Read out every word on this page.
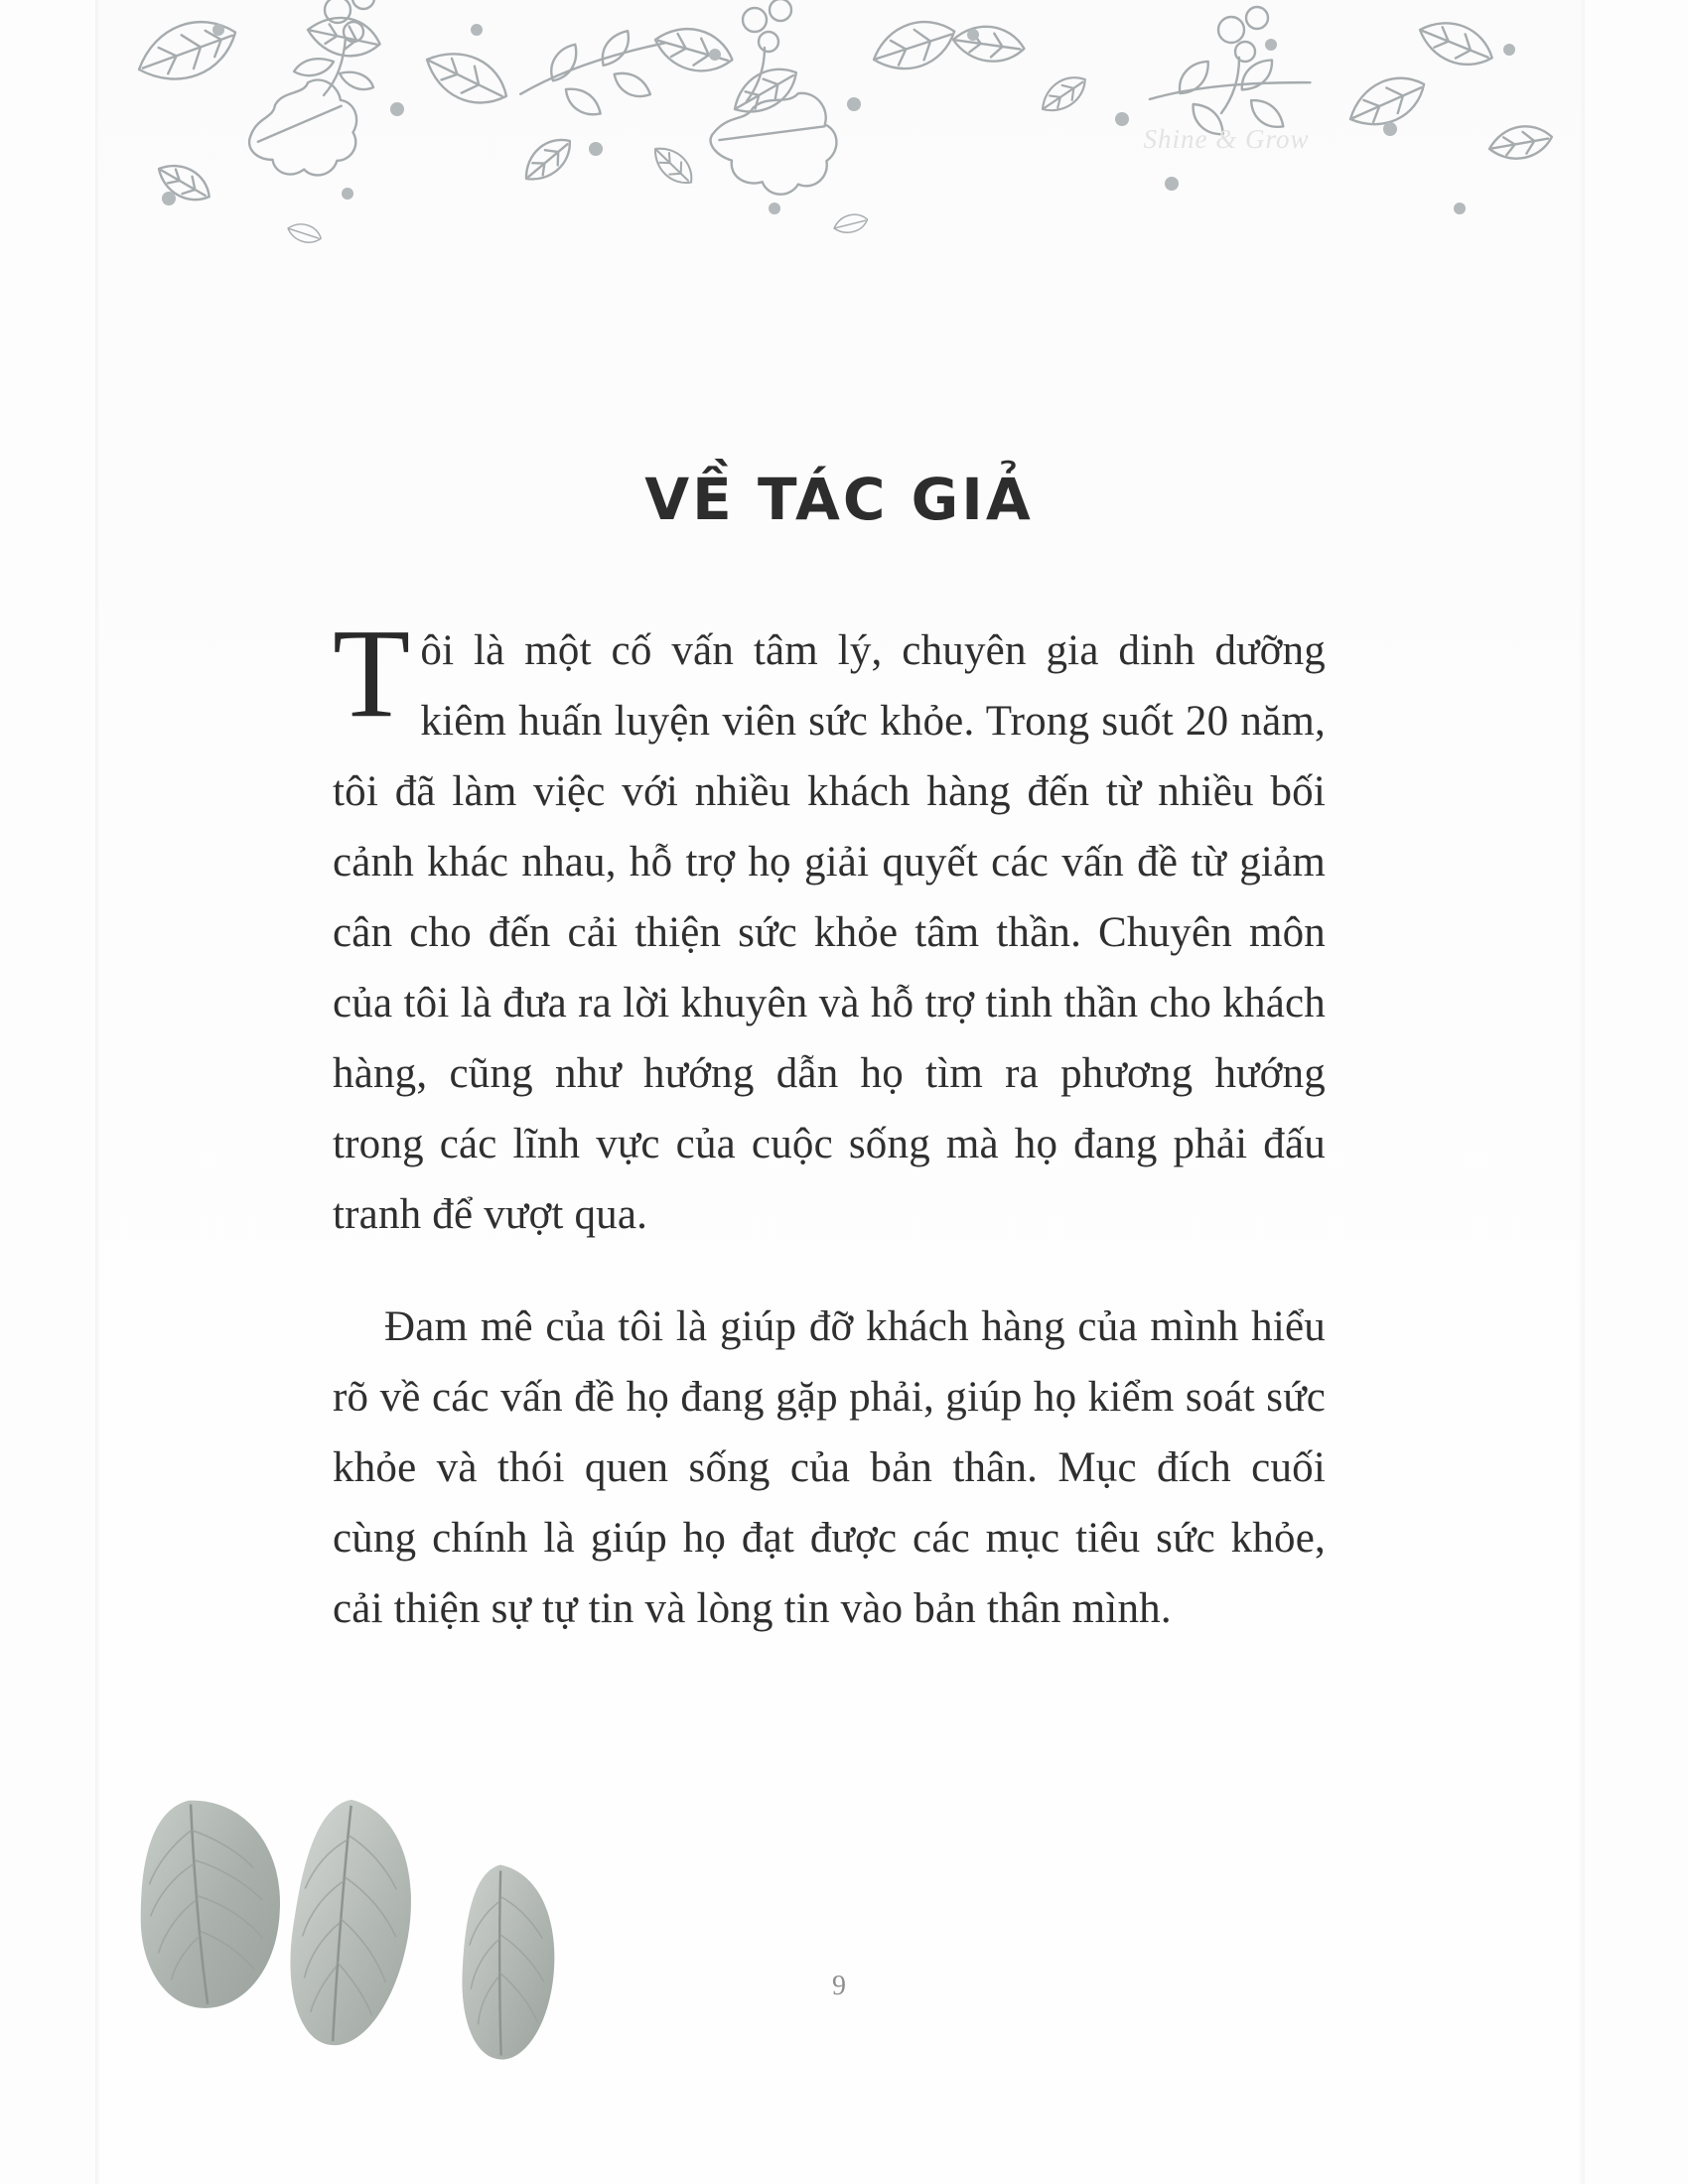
Shine & Grow
VỀ TÁC GIẢ

Tôi là một cố vấn tâm lý, chuyên gia dinh dưỡng kiêm huấn luyện viên sức khỏe. Trong suốt 20 năm, tôi đã làm việc với nhiều khách hàng đến từ nhiều bối cảnh khác nhau, hỗ trợ họ giải quyết các vấn đề từ giảm cân cho đến cải thiện sức khỏe tâm thần. Chuyên môn của tôi là đưa ra lời khuyên và hỗ trợ tinh thần cho khách hàng, cũng như hướng dẫn họ tìm ra phương hướng trong các lĩnh vực của cuộc sống mà họ đang phải đấu tranh để vượt qua.

Đam mê của tôi là giúp đỡ khách hàng của mình hiểu rõ về các vấn đề họ đang gặp phải, giúp họ kiểm soát sức khỏe và thói quen sống của bản thân. Mục đích cuối cùng chính là giúp họ đạt được các mục tiêu sức khỏe, cải thiện sự tự tin và lòng tin vào bản thân mình.

9
